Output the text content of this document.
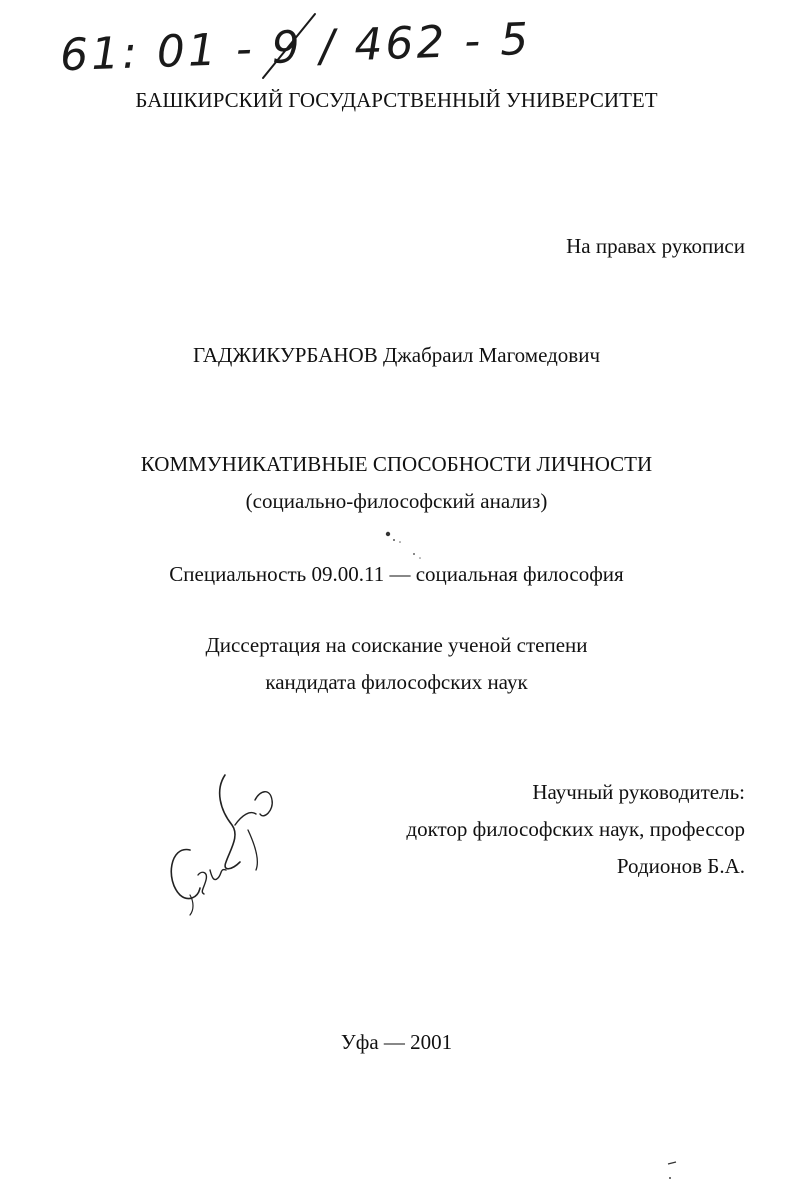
61: 01 - 9 / 462 - 5
БАШКИРСКИЙ ГОСУДАРСТВЕННЫЙ УНИВЕРСИТЕТ
На правах рукописи
ГАДЖИКУРБАНОВ Джабраил Магомедович
КОММУНИКАТИВНЫЕ СПОСОБНОСТИ ЛИЧНОСТИ
(социально-философский анализ)
Специальность 09.00.11 — социальная философия
Диссертация на соискание ученой степени
кандидата философских наук
Научный руководитель:
доктор философских наук, профессор
Родионов Б.А.
Уфа — 2001
